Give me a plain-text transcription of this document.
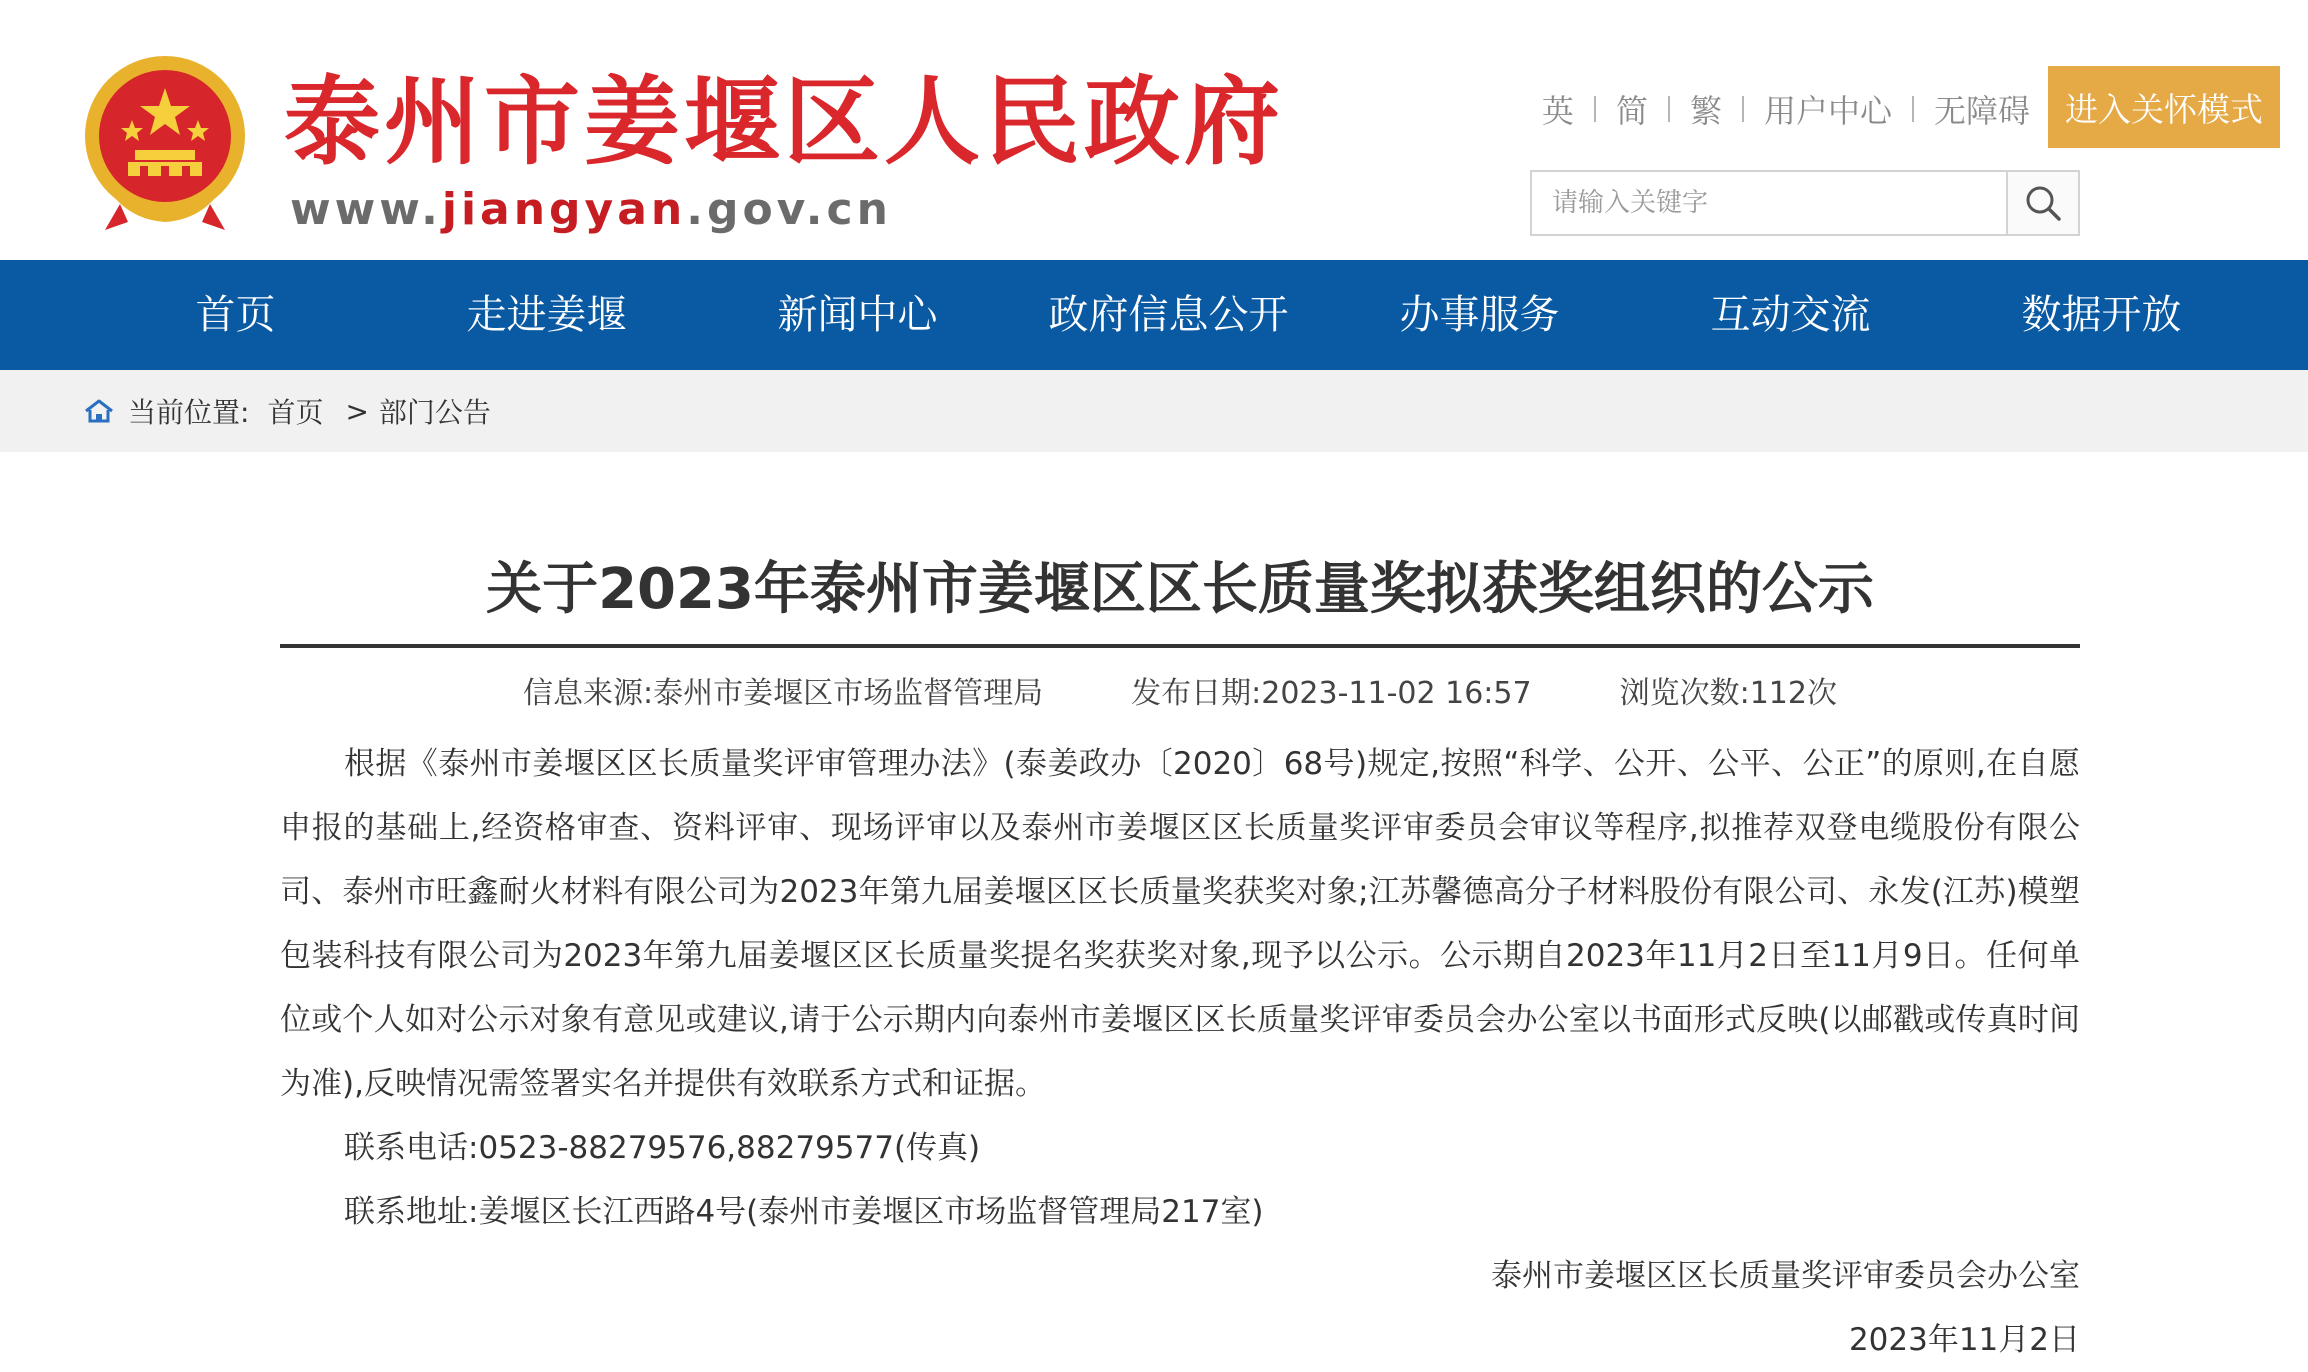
泰州市姜堰区人民政府
www.jiangyan.gov.cn
英 简 繁 用户中心 无障碍	进入关怀模式
请输入关键字
首页	走进姜堰	新闻中心	政府信息公开	办事服务	互动交流	数据开放
当前位置: 首页 > 部门公告
关于2023年泰州市姜堰区区长质量奖拟获奖组织的公示
信息来源:泰州市姜堰区市场监督管理局	发布日期:2023-11-02 16:57	浏览次数:112次

根据《泰州市姜堰区区长质量奖评审管理办法》(泰姜政办〔2020〕68号)规定,按照“科学、公开、公平、公正”的原则,在自愿申报的基础上,经资格审查、资料评审、现场评审以及泰州市姜堰区区长质量奖评审委员会审议等程序,拟推荐双登电缆股份有限公司、泰州市旺鑫耐火材料有限公司为2023年第九届姜堰区区长质量奖获奖对象;江苏馨德高分子材料股份有限公司、永发(江苏)模塑包装科技有限公司为2023年第九届姜堰区区长质量奖提名奖获奖对象,现予以公示。公示期自2023年11月2日至11月9日。任何单位或个人如对公示对象有意见或建议,请于公示期内向泰州市姜堰区区长质量奖评审委员会办公室以书面形式反映(以邮戳或传真时间为准),反映情况需签署实名并提供有效联系方式和证据。

联系电话:0523-88279576,88279577(传真)

联系地址:姜堰区长江西路4号(泰州市姜堰区市场监督管理局217室)

泰州市姜堰区区长质量奖评审委员会办公室

2023年11月2日
